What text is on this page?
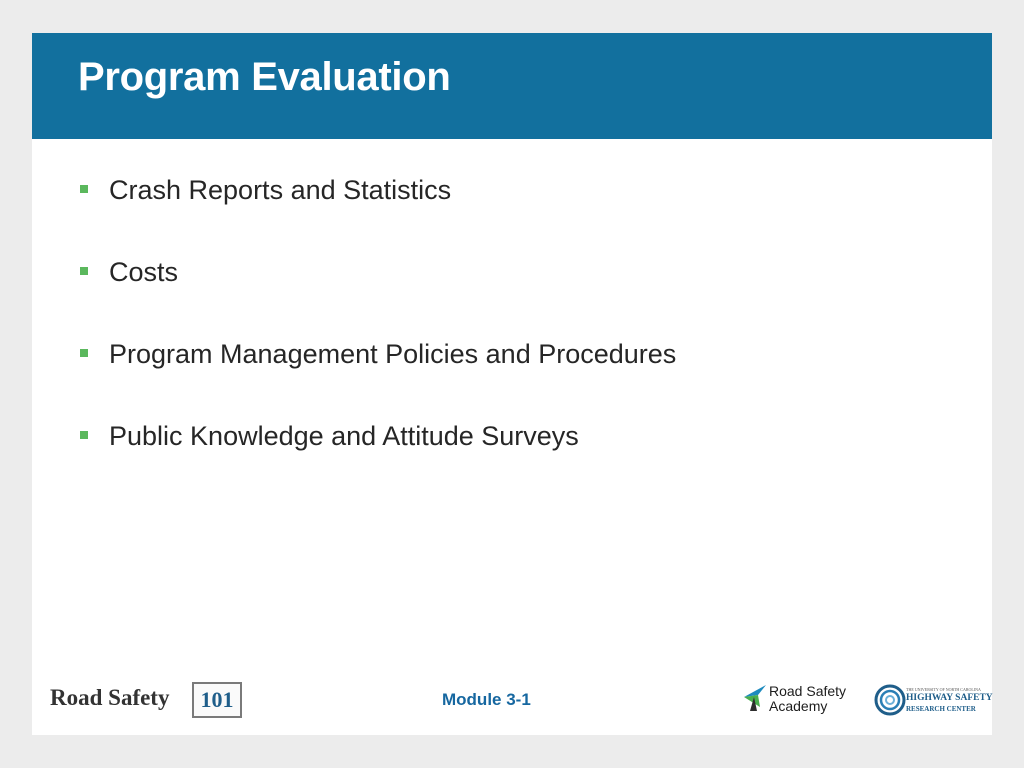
Program Evaluation
Crash Reports and Statistics
Costs
Program Management Policies and Procedures
Public Knowledge and Attitude Surveys
Road Safety	101	Module 3-1	Road Safety
Academy
THE UNIVERSITY OF NORTH CAROLINA
HIGHWAY SAFETY
RESEARCH CENTER
